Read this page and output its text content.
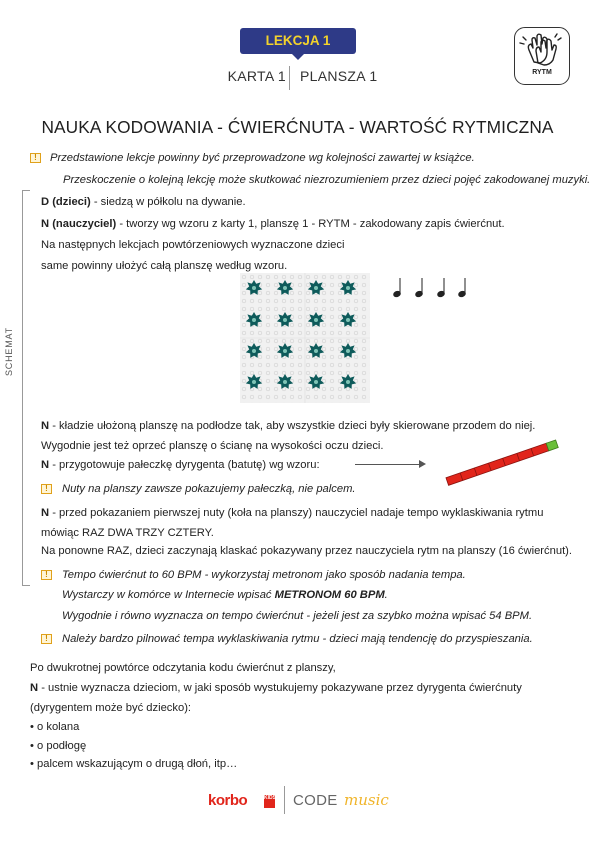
LEKCJA 1
KARTA 1 PLANSZA 1	RYTM
NAUKA KODOWANIA - ĆWIERĆNUTA - WARTOŚĆ RYTMICZNA
!	Przedstawione lekcje powinny być przeprowadzone wg kolejności zawartej w książce.
Przeskoczenie o kolejną lekcję może skutkować niezrozumieniem przez dzieci pojęć zakodowanej muzyki.
SCHEMAT
D (dzieci) - siedzą w półkolu na dywanie.
N (nauczyciel) - tworzy wg wzoru z karty 1, planszę 1 - RYTM - zakodowany zapis ćwierćnut.
Na następnych lekcjach powtórzeniowych wyznaczone dzieci
same powinny ułożyć całą planszę według wzoru.
N - kładzie ułożoną planszę na podłodze tak, aby wszystkie dzieci były skierowane przodem do niej.
Wygodnie jest też oprzeć planszę o ścianę na wysokości oczu dzieci.
N - przygotowuje pałeczkę dyrygenta (batutę) wg wzoru:
!	Nuty na planszy zawsze pokazujemy pałeczką, nie palcem.
N - przed pokazaniem pierwszej nuty (koła na planszy) nauczyciel nadaje tempo wyklaskiwania rytmu
mówiąc RAZ DWA TRZY CZTERY.
Na ponowne RAZ, dzieci zaczynają klaskać pokazywany przez nauczyciela rytm na planszy (16 ćwierćnut).
!	Tempo ćwierćnut to 60 BPM - wykorzystaj metronom jako sposób nadania tempa.
Wystarczy w komórce w Internecie wpisać METRONOM 60 BPM.
Wygodnie i równo wyznacza on tempo ćwierćnut - jeżeli jest za szybko można wpisać 54 BPM.
!	Należy bardzo pilnować tempa wyklaskiwania rytmu - dzieci mają tendencję do przyspieszania.
Po dwukrotnej powtórce odczytania kodu ćwierćnut z planszy,
N - ustnie wyznacza dzieciom, w jaki sposób wystukujemy pokazywane przez dyrygenta ćwierćnuty
(dyrygentem może być dziecko):
• o kolana
• o podłogę
• palcem wskazującym o drugą dłoń, itp…
korbo	KIDS CODE music
